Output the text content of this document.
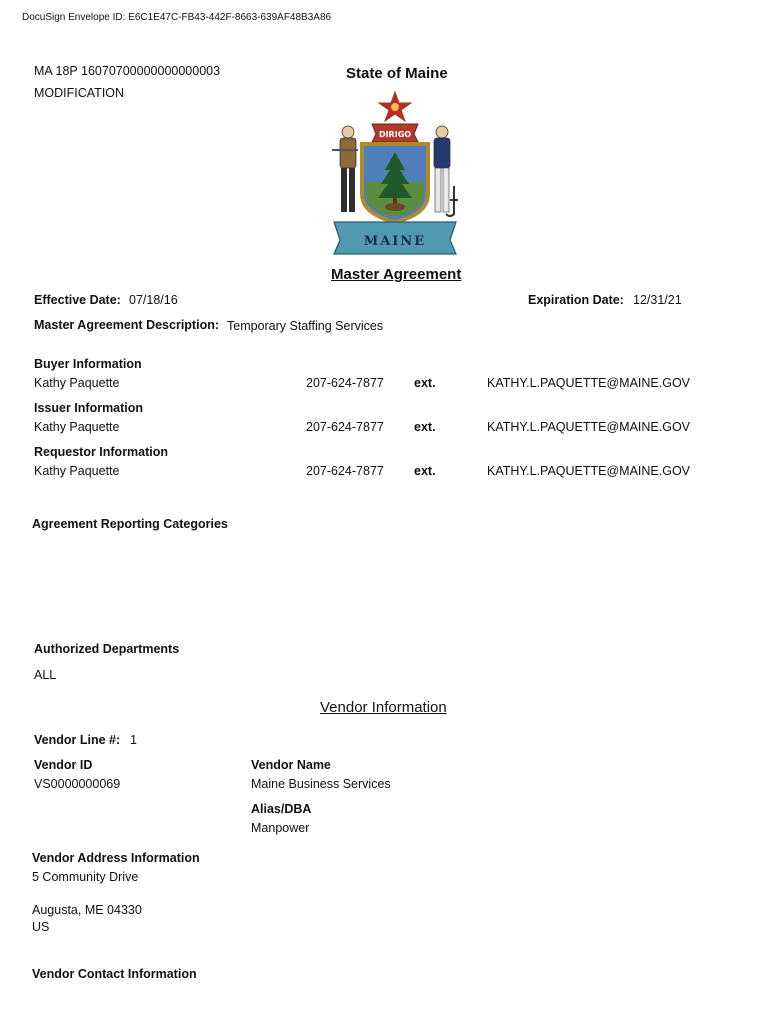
DocuSign Envelope ID: E6C1E47C-FB43-442F-8663-639AF48B3A86
MA 18P 16070700000000000003
MODIFICATION
State of Maine
DIRIGO
MAINE
Master Agreement
Effective Date: 07/18/16	Expiration Date: 12/31/21
Master Agreement Description: Temporary Staffing Services
Buyer Information
Kathy Paquette	207-624-7877 ext.	KATHY.L.PAQUETTE@MAINE.GOV
Issuer Information
Kathy Paquette	207-624-7877 ext.	KATHY.L.PAQUETTE@MAINE.GOV
Requestor Information
Kathy Paquette	207-624-7877 ext.	KATHY.L.PAQUETTE@MAINE.GOV
Agreement Reporting Categories
Authorized Departments
ALL
Vendor Information
Vendor Line #: 1
Vendor ID
VS0000000069
Vendor Name
Maine Business Services
Alias/DBA
Manpower
Vendor Address Information
5 Community Drive
Augusta, ME 04330
US
Vendor Contact Information
